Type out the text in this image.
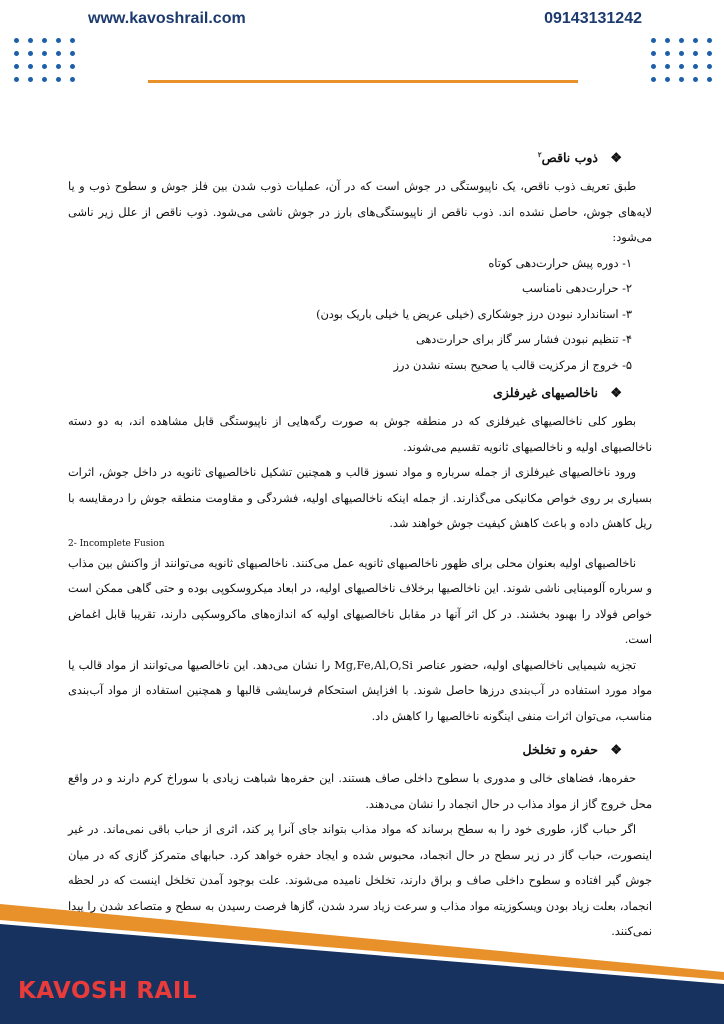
www.kavoshrail.com	09143131242

❖ ذوب ناقص$^۲$

طبق تعریف ذوب ناقص، یک ناپیوستگی در جوش است که در آن، عملیات ذوب شدن بین فلز جوش و سطوح ذوب و یا لایه‌های جوش، حاصل نشده اند. ذوب ناقص از ناپیوستگی‌های بارز در جوش ناشی می‌شود. ذوب ناقص از علل زیر ناشی می‌شود:

۱- دوره پیش حرارت‌دهی کوتاه

۲- حرارت‌دهی نامناسب

۳- استاندارد نبودن درز جوشکاری (خیلی عریض یا خیلی باریک بودن)

۴- تنظیم نبودن فشار سر گاز برای حرارت‌دهی

۵- خروج از مرکزیت قالب یا صحیح بسته نشدن درز

❖ ناخالصیهای غیرفلزی

بطور کلی ناخالصیهای غیرفلزی که در منطقه جوش به صورت رگه‌هایی از ناپیوستگی قابل مشاهده اند، به دو دسته ناخالصیهای اولیه و ناخالصیهای ثانویه تقسیم می‌شوند.

ورود ناخالصیهای غیرفلزی از جمله سرباره و مواد نسوز قالب و همچنین تشکیل ناخالصیهای ثانویه در داخل جوش، اثرات بسیاری بر روی خواص مکانیکی می‌گذارند. از جمله اینکه ناخالصیهای اولیه، فشردگی و مقاومت منطقه جوش را درمقایسه با ریل کاهش داده و باعث کاهش کیفیت جوش خواهند شد.

2- Incomplete Fusion

ناخالصیهای اولیه بعنوان محلی برای ظهور ناخالصیهای ثانویه عمل می‌کنند. ناخالصیهای ثانویه می‌توانند از واکنش بین مذاب و سرباره آلومینایی ناشی شوند. این ناخالصیها برخلاف ناخالصیهای اولیه، در ابعاد میکروسکوپی بوده و حتی گاهی ممکن است خواص فولاد را بهبود بخشند. در کل اثر آنها در مقابل ناخالصیهای اولیه که اندازه‌های ماکروسکپی دارند، تقریبا قابل اغماض است.

تجزیه شیمیایی ناخالصیهای اولیه، حضور عناصر Mg,Fe,Al,O,Si را نشان می‌دهد. این ناخالصیها می‌توانند از مواد قالب یا مواد مورد استفاده در آب‌بندی درزها حاصل شوند. با افزایش استحکام فرسایشی قالبها و همچنین استفاده از مواد آب‌بندی مناسب، می‌توان اثرات منفی اینگونه ناخالصیها را کاهش داد.

❖ حفره و تخلخل

حفره‌ها، فضاهای خالی و مدوری با سطوح داخلی صاف هستند. این حفره‌ها شباهت زیادی با سوراخ کرم دارند و در واقع محل خروج گاز از مواد مذاب در حال انجماد را نشان می‌دهند.

اگر حباب گاز، طوری خود را به سطح برساند که مواد مذاب بتواند جای آنرا پر کند، اثری از حباب باقی نمی‌ماند. در غیر اینصورت، حباب گاز در زیر سطح در حال انجماد، محبوس شده و ایجاد حفره خواهد کرد. حبابهای متمرکز گازی که در میان جوش گیر افتاده و سطوح داخلی صاف و براق دارند، تخلخل نامیده می‌شوند. علت بوجود آمدن تخلخل اینست که در لحظه انجماد، بعلت زیاد بودن ویسکوزیته مواد مذاب و سرعت زیاد سرد شدن، گازها فرصت رسیدن به سطح و متصاعد شدن را پیدا نمی‌کنند.

KAVOSH RAIL
